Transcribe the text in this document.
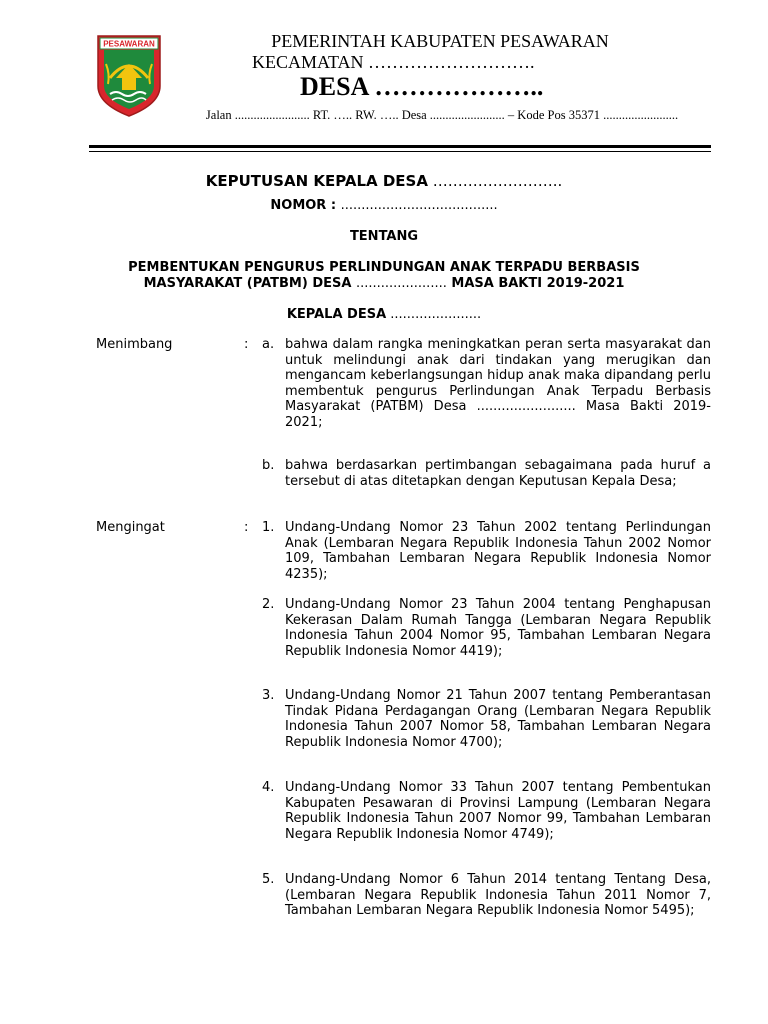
PESAWARAN	PEMERINTAH KABUPATEN PESAWARAN
KECAMATAN ……………………….
DESA ………………..
Jalan ........................ RT. ….. RW. ….. Desa ........................ – Kode Pos 35371 ........................
KEPUTUSAN KEPALA DESA ……………………..
NOMOR : ......................................
TENTANG
PEMBENTUKAN PENGURUS PERLINDUNGAN ANAK TERPADU BERBASIS
MASYARAKAT (PATBM) DESA ...................... MASA BAKTI 2019-2021
KEPALA DESA ......................
Menimbang	: a. bahwa dalam rangka meningkatkan peran serta masyarakat dan untuk melindungi anak dari tindakan yang merugikan dan mengancam keberlangsungan hidup anak maka dipandang perlu membentuk pengurus Perlindungan Anak Terpadu Berbasis Masyarakat (PATBM) Desa ........................ Masa Bakti 2019-2021;
b. bahwa berdasarkan pertimbangan sebagaimana pada huruf a tersebut di atas ditetapkan dengan Keputusan Kepala Desa;
Mengingat	: 1. Undang-Undang Nomor 23 Tahun 2002 tentang Perlindungan Anak (Lembaran Negara Republik Indonesia Tahun 2002 Nomor 109, Tambahan Lembaran Negara Republik Indonesia Nomor 4235);
2. Undang-Undang Nomor 23 Tahun 2004 tentang Penghapusan Kekerasan Dalam Rumah Tangga (Lembaran Negara Republik Indonesia Tahun 2004 Nomor 95, Tambahan Lembaran Negara Republik Indonesia Nomor 4419);
3. Undang-Undang Nomor 21 Tahun 2007 tentang Pemberantasan Tindak Pidana Perdagangan Orang (Lembaran Negara Republik Indonesia Tahun 2007 Nomor 58, Tambahan Lembaran Negara Republik Indonesia Nomor 4700);
4. Undang-Undang Nomor 33 Tahun 2007 tentang Pembentukan Kabupaten Pesawaran di Provinsi Lampung (Lembaran Negara Republik Indonesia Tahun 2007 Nomor 99, Tambahan Lembaran Negara Republik Indonesia Nomor 4749);
5. Undang-Undang Nomor 6 Tahun 2014 tentang Tentang Desa, (Lembaran Negara Republik Indonesia Tahun 2011 Nomor 7, Tambahan Lembaran Negara Republik Indonesia Nomor 5495);
